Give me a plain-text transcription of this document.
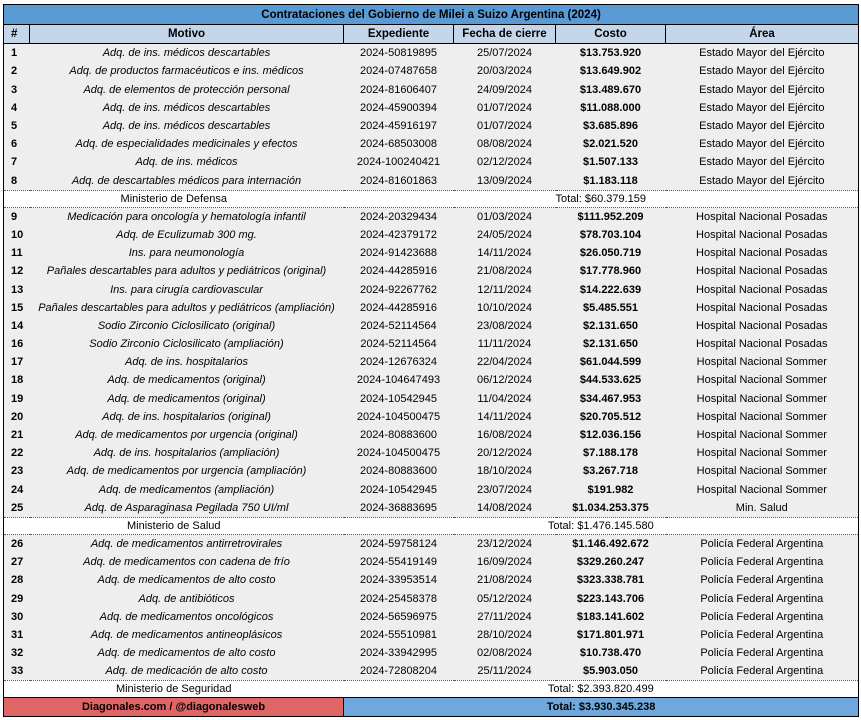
Contrataciones del Gobierno de Milei a Suizo Argentina (2024)					
#	Motivo	Expediente	Fecha de cierre	Costo	Área
1	Adq. de ins. médicos descartables	2024-50819895	25/07/2024	$13.753.920	Estado Mayor del Ejército
2	Adq. de productos farmacéuticos e ins. médicos	2024-07487658	20/03/2024	$13.649.902	Estado Mayor del Ejército
3	Adq. de elementos de protección personal	2024-81606407	24/09/2024	$13.489.670	Estado Mayor del Ejército
4	Adq. de ins. médicos descartables	2024-45900394	01/07/2024	$11.088.000	Estado Mayor del Ejército
5	Adq. de ins. médicos descartables	2024-45916197	01/07/2024	$3.685.896	Estado Mayor del Ejército
6	Adq. de especialidades medicinales y efectos	2024-68503008	08/08/2024	$2.021.520	Estado Mayor del Ejército
7	Adq. de ins. médicos	2024-100240421	02/12/2024	$1.507.133	Estado Mayor del Ejército
8	Adq. de descartables médicos para internación	2024-81601863	13/09/2024	$1.183.118	Estado Mayor del Ejército

Ministerio de Defensa		Total: $60.379.159			

9	Medicación para oncología y hematología infantil	2024-20329434	01/03/2024	$111.952.209	Hospital Nacional Posadas
10	Adq. de Eculizumab 300 mg.	2024-42379172	24/05/2024	$78.703.104	Hospital Nacional Posadas
11	Ins. para neumonología	2024-91423688	14/11/2024	$26.050.719	Hospital Nacional Posadas
12	Pañales descartables para adultos y pediátricos (original)	2024-44285916	21/08/2024	$17.778.960	Hospital Nacional Posadas
13	Ins. para cirugía cardiovascular	2024-92267762	12/11/2024	$14.222.639	Hospital Nacional Posadas
15	Pañales descartables para adultos y pediátricos (ampliación)	2024-44285916	10/10/2024	$5.485.551	Hospital Nacional Posadas
14	Sodio Zirconio Ciclosilicato (original)	2024-52114564	23/08/2024	$2.131.650	Hospital Nacional Posadas
16	Sodio Zirconio Ciclosilicato (ampliación)	2024-52114564	11/11/2024	$2.131.650	Hospital Nacional Posadas
17	Adq. de ins. hospitalarios	2024-12676324	22/04/2024	$61.044.599	Hospital Nacional Sommer
18	Adq. de medicamentos (original)	2024-104647493	06/12/2024	$44.533.625	Hospital Nacional Sommer
19	Adq. de medicamentos (original)	2024-10542945	11/04/2024	$34.467.953	Hospital Nacional Sommer
20	Adq. de ins. hospitalarios (original)	2024-104500475	14/11/2024	$20.705.512	Hospital Nacional Sommer
21	Adq. de medicamentos por urgencia (original)	2024-80883600	16/08/2024	$12.036.156	Hospital Nacional Sommer
22	Adq. de ins. hospitalarios (ampliación)	2024-104500475	20/12/2024	$7.188.178	Hospital Nacional Sommer
23	Adq. de medicamentos por urgencia (ampliación)	2024-80883600	18/10/2024	$3.267.718	Hospital Nacional Sommer
24	Adq. de medicamentos (ampliación)	2024-10542945	23/07/2024	$191.982	Hospital Nacional Sommer
25	Adq. de Asparaginasa Pegilada 750 UI/ml	2024-36883695	14/08/2024	$1.034.253.375	Min. Salud

Ministerio de Salud		Total: $1.476.145.580			

26	Adq. de medicamentos antirretrovirales	2024-59758124	23/12/2024	$1.146.492.672	Policía Federal Argentina
27	Adq. de medicamentos con cadena de frío	2024-55419149	16/09/2024	$329.260.247	Policía Federal Argentina
28	Adq. de medicamentos de alto costo	2024-33953514	21/08/2024	$323.338.781	Policía Federal Argentina
29	Adq. de antibióticos	2024-25458378	05/12/2024	$223.143.706	Policía Federal Argentina
30	Adq. de medicamentos oncológicos	2024-56596975	27/11/2024	$183.141.602	Policía Federal Argentina
31	Adq. de medicamentos antineoplásicos	2024-55510981	28/10/2024	$171.801.971	Policía Federal Argentina
32	Adq. de medicamentos de alto costo	2024-33942995	02/08/2024	$10.738.470	Policía Federal Argentina
33	Adq. de medicación de alto costo	2024-72808204	25/11/2024	$5.903.050	Policía Federal Argentina

Ministerio de Seguridad		Total: $2.393.820.499			
Diagonales.com / @diagonalesweb		Total: $3.930.345.238			
